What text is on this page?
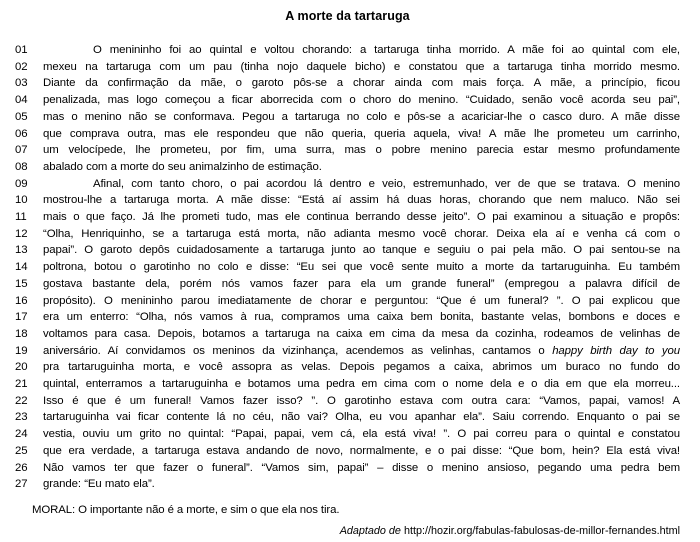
A morte da tartaruga
01	O menininho foi ao quintal e voltou chorando: a tartaruga tinha morrido. A mãe foi ao quintal com ele,
02	mexeu na tartaruga com um pau (tinha nojo daquele bicho) e constatou que a tartaruga tinha morrido mesmo.
03	Diante da confirmação da mãe, o garoto pôs-se a chorar ainda com mais força. A mãe, a princípio, ficou
04	penalizada, mas logo começou a ficar aborrecida com o choro do menino. “Cuidado, senão você acorda seu pai”,
05	mas o menino não se conformava. Pegou a tartaruga no colo e pôs-se a acariciar-lhe o casco duro. A mãe disse
06	que comprava outra, mas ele respondeu que não queria, queria aquela, viva! A mãe lhe prometeu um carrinho,
07	um velocípede, lhe prometeu, por fim, uma surra, mas o pobre menino parecia estar mesmo profundamente
08	abalado com a morte do seu animalzinho de estimação.
09	Afinal, com tanto choro, o pai acordou lá dentro e veio, estremunhado, ver de que se tratava. O menino
10	mostrou-lhe a tartaruga morta. A mãe disse: “Está aí assim há duas horas, chorando que nem maluco. Não sei
11	mais o que faço. Já lhe prometi tudo, mas ele continua berrando desse jeito”. O pai examinou a situação e propôs:
12	“Olha, Henriquinho, se a tartaruga está morta, não adianta mesmo você chorar. Deixa ela aí e venha cá com o
13	papai”. O garoto depôs cuidadosamente a tartaruga junto ao tanque e seguiu o pai pela mão. O pai sentou-se na
14	poltrona, botou o garotinho no colo e disse: “Eu sei que você sente muito a morte da tartaruguinha. Eu também
15	gostava bastante dela, porém nós vamos fazer para ela um grande funeral” (empregou a palavra difícil de
16	propósito). O menininho parou imediatamente de chorar e perguntou: “Que é um funeral? ”. O pai explicou que
17	era um enterro: “Olha, nós vamos à rua, compramos uma caixa bem bonita, bastante velas, bombons e doces e
18	voltamos para casa. Depois, botamos a tartaruga na caixa em cima da mesa da cozinha, rodeamos de velinhas de
19	aniversário. Aí convidamos os meninos da vizinhança, acendemos as velinhas, cantamos o happy birth day to you
20	pra tartaruguinha morta, e você assopra as velas. Depois pegamos a caixa, abrimos um buraco no fundo do
21	quintal, enterramos a tartaruguinha e botamos uma pedra em cima com o nome dela e o dia em que ela morreu...
22	Isso é que é um funeral! Vamos fazer isso? ”. O garotinho estava com outra cara: “Vamos, papai, vamos! A
23	tartaruguinha vai ficar contente lá no céu, não vai? Olha, eu vou apanhar ela”. Saiu correndo. Enquanto o pai se
24	vestia, ouviu um grito no quintal: “Papai, papai, vem cá, ela está viva! ”. O pai correu para o quintal e constatou
25	que era verdade, a tartaruga estava andando de novo, normalmente, e o pai disse: “Que bom, hein? Ela está viva!
26	Não vamos ter que fazer o funeral”. “Vamos sim, papai” – disse o menino ansioso, pegando uma pedra bem
27	grande: “Eu mato ela”.
MORAL: O importante não é a morte, e sim o que ela nos tira.
Adaptado de http://hozir.org/fabulas-fabulosas-de-millor-fernandes.html
